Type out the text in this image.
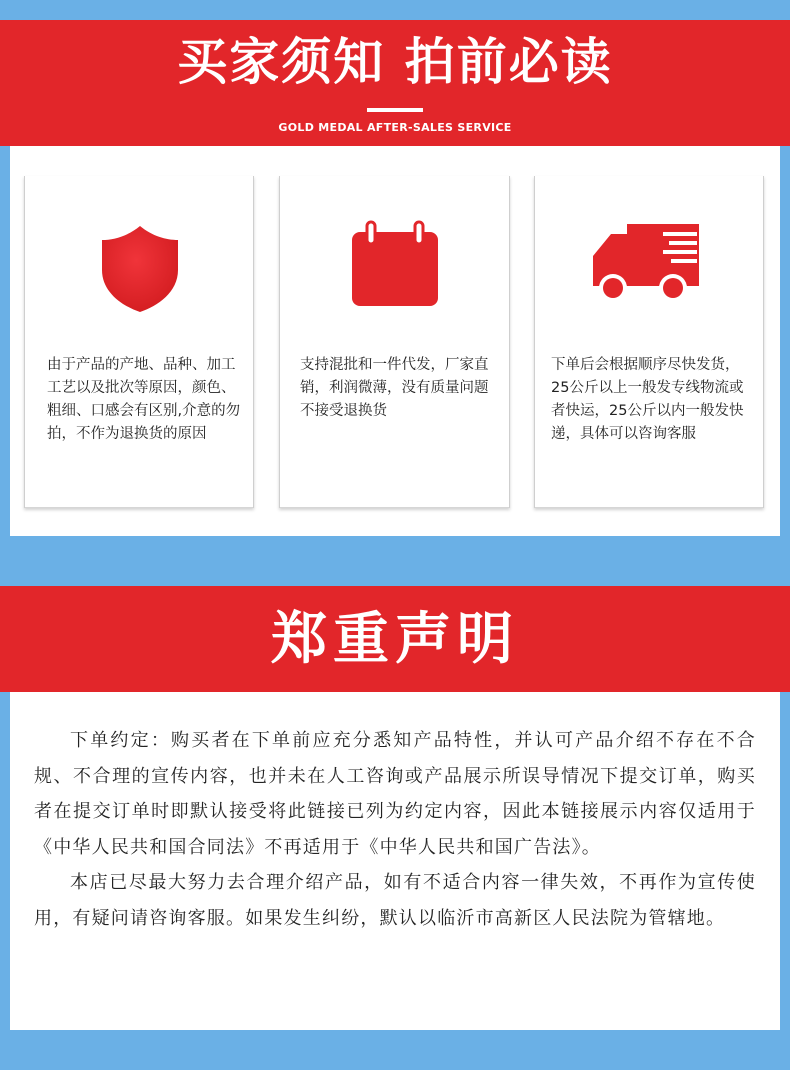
买家须知 拍前必读
GOLD MEDAL AFTER-SALES SERVICE
由于产品的产地、品种、加工工艺以及批次等原因，颜色、粗细、口感会有区别,介意的勿拍，不作为退换货的原因
支持混批和一件代发，厂家直销，利润微薄，没有质量问题不接受退换货
下单后会根据顺序尽快发货，25公斤以上一般发专线物流或者快运，25公斤以内一般发快递，具体可以咨询客服
郑重声明

下单约定：购买者在下单前应充分悉知产品特性，并认可产品介绍不存在不合规、不合理的宣传内容，也并未在人工咨询或产品展示所误导情况下提交订单，购买者在提交订单时即默认接受将此链接已列为约定内容，因此本链接展示内容仅适用于《中华人民共和国合同法》不再适用于《中华人民共和国广告法》。

本店已尽最大努力去合理介绍产品，如有不适合内容一律失效，不再作为宣传使用，有疑问请咨询客服。如果发生纠纷，默认以临沂市高新区人民法院为管辖地。
